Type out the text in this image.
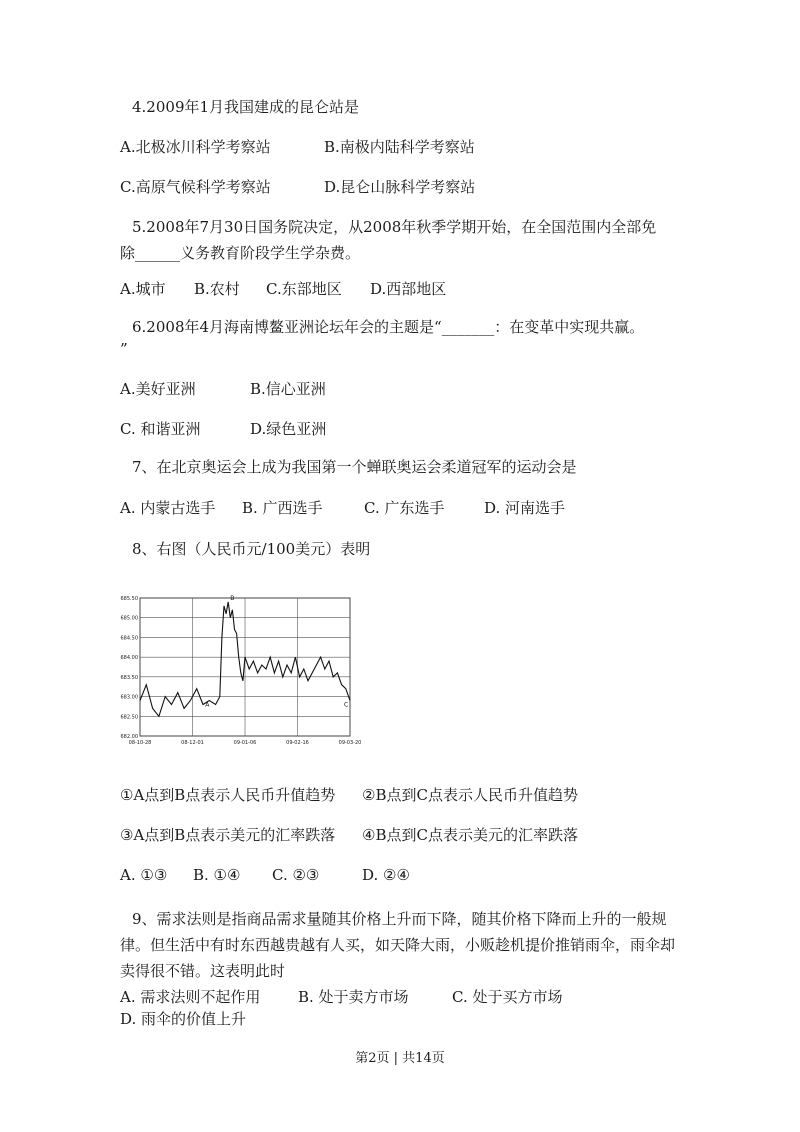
4.2009年1月我国建成的昆仑站是
A.北极冰川科学考察站	B.南极内陆科学考察站
C.高原气候科学考察站	D.昆仑山脉科学考察站
5.2008年7月30日国务院决定，从2008年秋季学期开始，在全国范围内全部免
除______义务教育阶段学生学杂费。
A.城市 B.农村 C.东部地区 D.西部地区
6.2008年4月海南博鳌亚洲论坛年会的主题是“_______：在变革中实现共赢。
”
A.美好亚洲	B.信心亚洲
C. 和谐亚洲	D.绿色亚洲
7、在北京奥运会上成为我国第一个蝉联奥运会柔道冠军的运动会是
A. 内蒙古选手 B. 广西选手	C. 广东选手	D. 河南选手
8、右图（人民币元/100美元）表明
682.00
682.50
683.00
683.50
684.00
684.50
685.00
685.50
08-10-28	08-12-01	09-01-06	09-02-16	09-03-20
A
B
C
①A点到B点表示人民币升值趋势 ②B点到C点表示人民币升值趋势
③A点到B点表示美元的汇率跌落 ④B点到C点表示美元的汇率跌落
A. ①③ B. ①④ C. ②③	D. ②④
9、需求法则是指商品需求量随其价格上升而下降，随其价格下降而上升的一般规律。但生活中有时东西越贵越有人买，如天降大雨，小贩趁机提价推销雨伞，雨伞却卖得很不错。这表明此时
A. 需求法则不起作用	B. 处于卖方市场	C. 处于买方市场
D. 雨伞的价值上升
第2页 | 共14页
